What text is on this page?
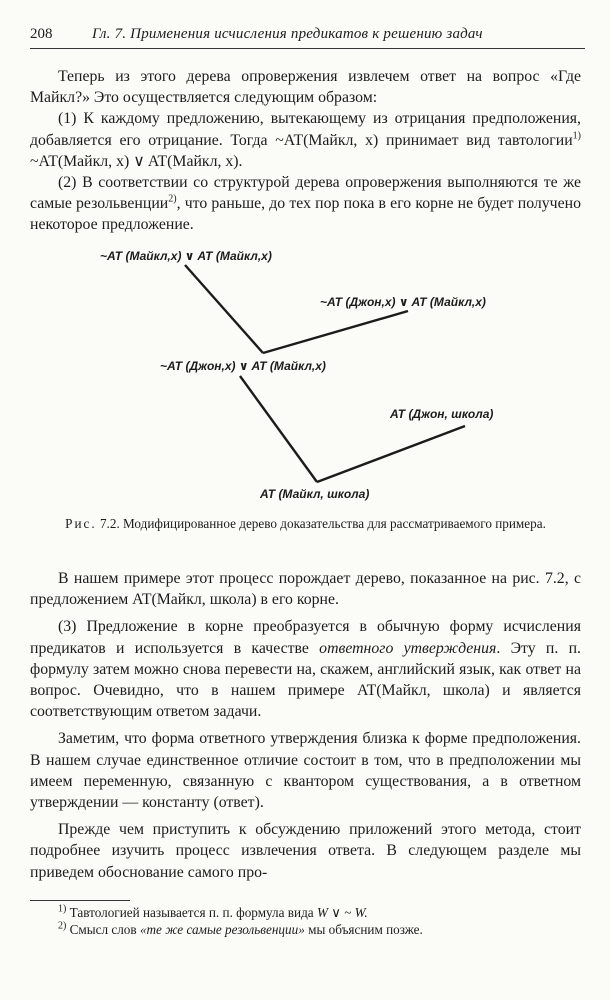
208	Гл. 7. Применения исчисления предикатов к решению задач

Теперь из этого дерева опровержения извлечем ответ на вопрос «Где Майкл?» Это осуществляется следующим образом:

(1) К каждому предложению, вытекающему из отрицания предположения, добавляется его отрицание. Тогда ~AT(Майкл, x) принимает вид тавтологии$^{1)}$ ~AT(Майкл, x) ∨ AT(Майкл, x).

(2) В соответствии со структурой дерева опровержения выполняются те же самые резольвенции$^{2)}$, что раньше, до тех пор пока в его корне не будет получено некоторое предложение.

~AT (Майкл,x) ∨ AT (Майкл,x)
~AT (Джон,x) ∨ AT (Майкл,x)
~AT (Джон,x) ∨ AT (Майкл,x)
AT (Джон, школа)
AT (Майкл, школа)
Рис. 7.2. Модифицированное дерево доказательства для рассматриваемого примера.

В нашем примере этот процесс порождает дерево, показанное на рис. 7.2, с предложением AT(Майкл, школа) в его корне.

(3) Предложение в корне преобразуется в обычную форму исчисления предикатов и используется в качестве ответного утверждения. Эту п. п. формулу затем можно снова перевести на, скажем, английский язык, как ответ на вопрос. Очевидно, что в нашем примере AT(Майкл, школа) и является соответствующим ответом задачи.

Заметим, что форма ответного утверждения близка к форме предположения. В нашем случае единственное отличие состоит в том, что в предположении мы имеем переменную, связанную с квантором существования, а в ответном утверждении — константу (ответ).

Прежде чем приступить к обсуждению приложений этого метода, стоит подробнее изучить процесс извлечения ответа. В следующем разделе мы приведем обоснование самого про-

$^{1)}$ Тавтологией называется п. п. формула вида W ∨ ~ W.
$^{2)}$ Смысл слов «те же самые резольвенции» мы объясним позже.
